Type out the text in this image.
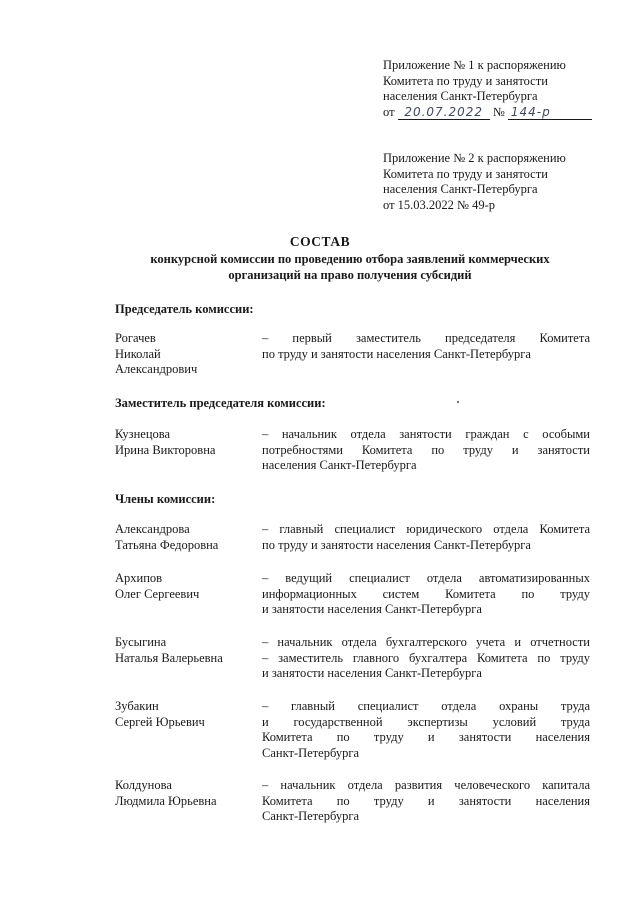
Приложение № 1 к распоряжению
Комитета по труду и занятости
населения Санкт-Петербурга
от 20.07.2022 № 144-р
Приложение № 2 к распоряжению
Комитета по труду и занятости
населения Санкт-Петербурга
от 15.03.2022 № 49-р
СОСТАВ
конкурсной комиссии по проведению отбора заявлений коммерческих
организаций на право получения субсидий
Председатель комиссии:
Рогачев
Николай
Александрович
– первый заместитель председателя Комитета
по труду и занятости населения Санкт-Петербурга
Заместитель председателя комиссии:
Кузнецова
Ирина Викторовна
– начальник отдела занятости граждан с особыми
потребностями Комитета по труду и занятости
населения Санкт-Петербурга
Члены комиссии:
Александрова
Татьяна Федоровна
– главный специалист юридического отдела Комитета
по труду и занятости населения Санкт-Петербурга
Архипов
Олег Сергеевич
– ведущий специалист отдела автоматизированных
информационных систем Комитета по труду
и занятости населения Санкт-Петербурга
Бусыгина
Наталья Валерьевна
– начальник отдела бухгалтерского учета и отчетности
– заместитель главного бухгалтера Комитета по труду
и занятости населения Санкт-Петербурга
Зубакин
Сергей Юрьевич
– главный специалист отдела охраны труда
и государственной экспертизы условий труда
Комитета по труду и занятости населения
Санкт-Петербурга
Колдунова
Людмила Юрьевна
– начальник отдела развития человеческого капитала
Комитета по труду и занятости населения
Санкт-Петербурга
